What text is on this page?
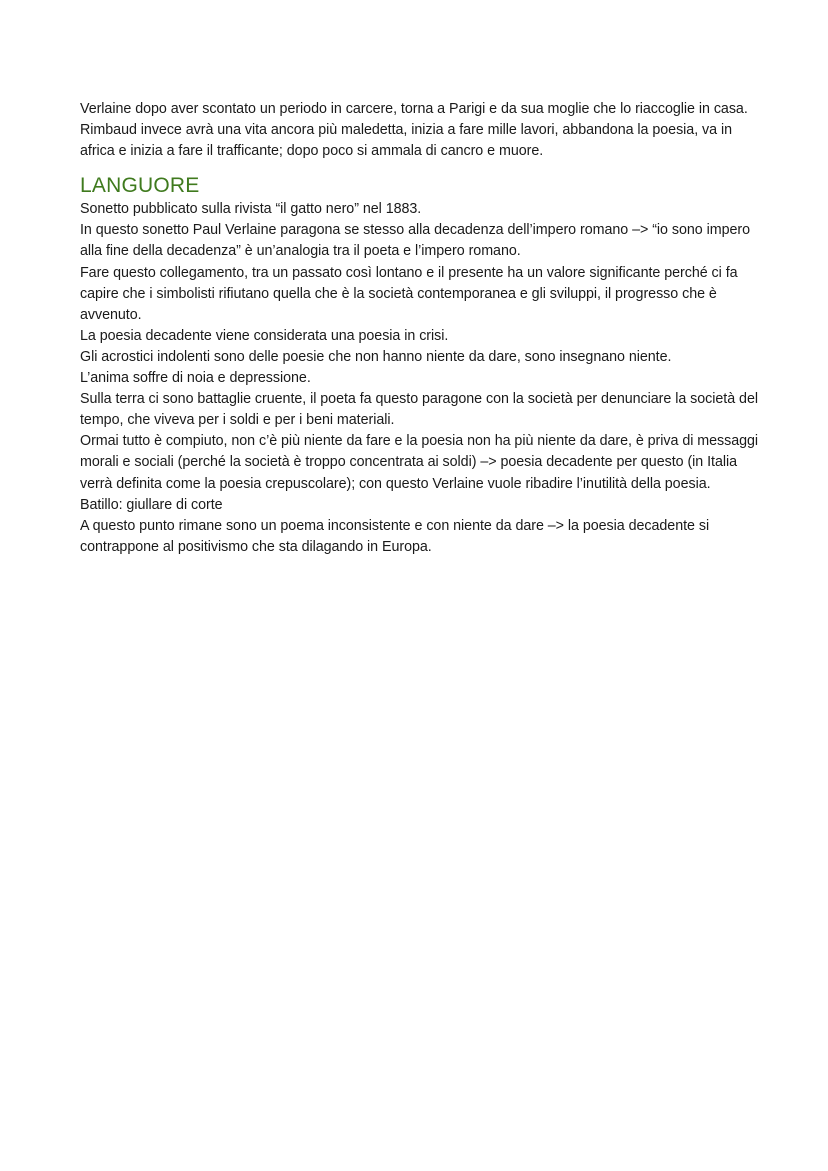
Verlaine dopo aver scontato un periodo in carcere, torna a Parigi e da sua moglie che lo riaccoglie in casa. Rimbaud invece avrà una vita ancora più maledetta, inizia a fare mille lavori, abbandona la poesia, va in africa e inizia a fare il trafficante; dopo poco si ammala di cancro e muore.

LANGUORE

Sonetto pubblicato sulla rivista “il gatto nero” nel 1883.

In questo sonetto Paul Verlaine paragona se stesso alla decadenza dell’impero romano –> “io sono impero alla fine della decadenza” è un’analogia tra il poeta e l’impero romano.

Fare questo collegamento, tra un passato così lontano e il presente ha un valore significante perché ci fa capire che i simbolisti rifiutano quella che è la società contemporanea e gli sviluppi, il progresso che è avvenuto.

La poesia decadente viene considerata una poesia in crisi.

Gli acrostici indolenti sono delle poesie che non hanno niente da dare, sono insegnano niente.

L’anima soffre di noia e depressione.

Sulla terra ci sono battaglie cruente, il poeta fa questo paragone con la società per denunciare la società del tempo, che viveva per i soldi e per i beni materiali.

Ormai tutto è compiuto, non c’è più niente da fare e la poesia non ha più niente da dare, è priva di messaggi morali e sociali (perché la società è troppo concentrata ai soldi) –> poesia decadente per questo (in Italia verrà definita come la poesia crepuscolare); con questo Verlaine vuole ribadire l’inutilità della poesia.

Batillo: giullare di corte

A questo punto rimane sono un poema inconsistente e con niente da dare –> la poesia decadente si contrappone al positivismo che sta dilagando in Europa.
